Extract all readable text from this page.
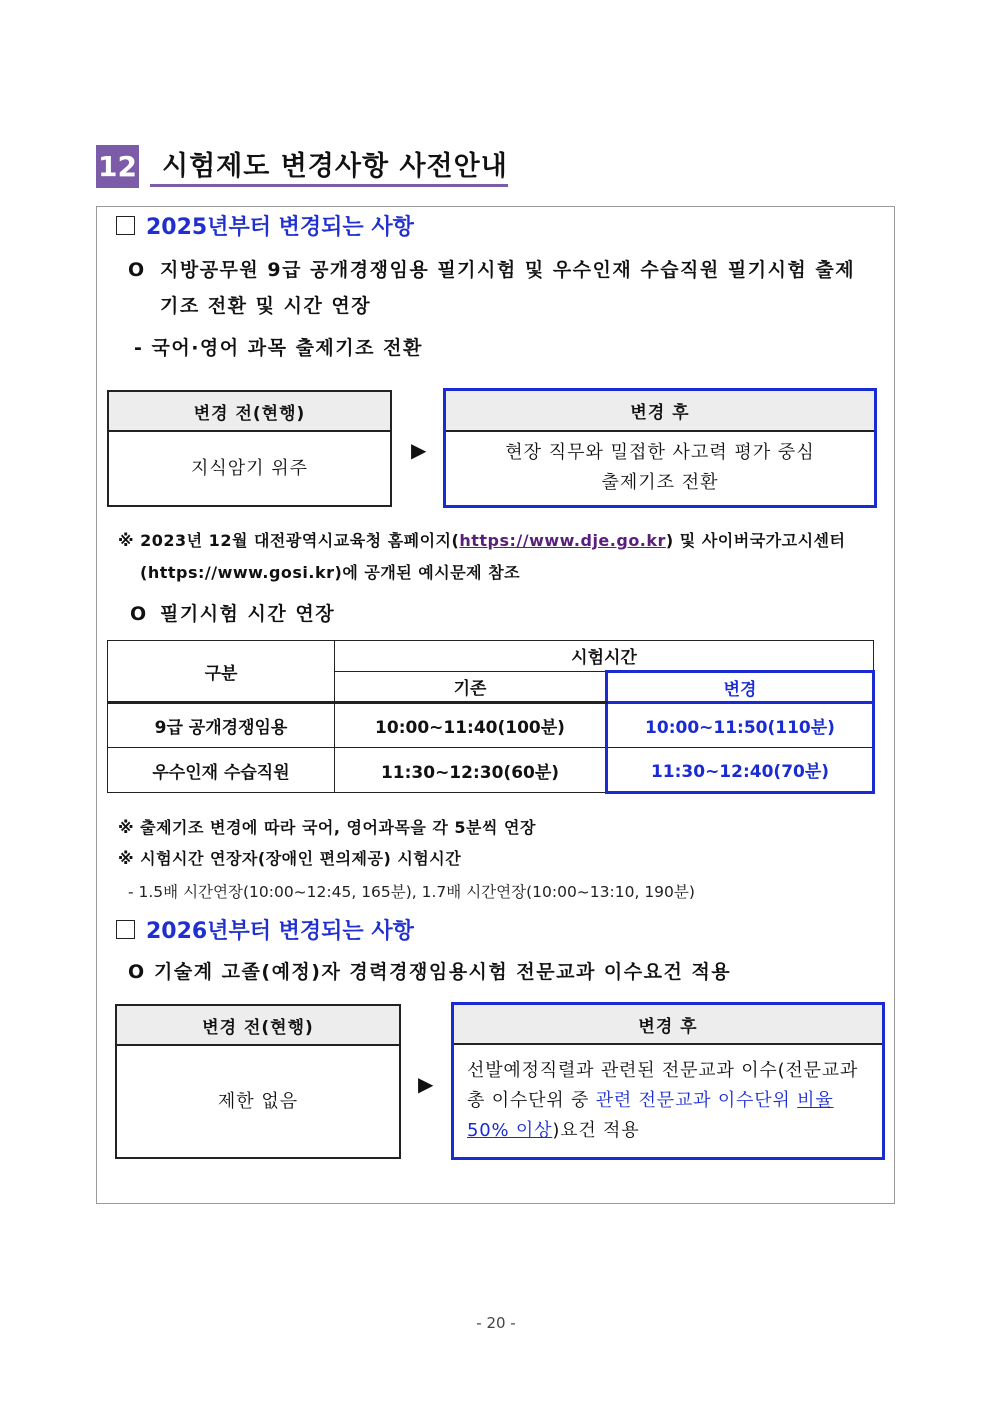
12 시험제도 변경사항 사전안내
2025년부터 변경되는 사항
O 지방공무원 9급 공개경쟁임용 필기시험 및 우수인재 수습직원 필기시험 출제
기조 전환 및 시간 연장
- 국어·영어 과목 출제기조 전환
변경 전(현행)
지식암기 위주
▶
변경 후
현장 직무와 밀접한 사고력 평가 중심
출제기조 전환
※ 2023년 12월 대전광역시교육청 홈페이지(https://www.dje.go.kr) 및 사이버국가고시센터
(https://www.gosi.kr)에 공개된 예시문제 참조
O 필기시험 시간 연장
구분	시험시간	
	기존	변경
9급 공개경쟁임용	10:00~11:40(100분)	10:00~11:50(110분)
우수인재 수습직원	11:30~12:30(60분)	11:30~12:40(70분)
※ 출제기조 변경에 따라 국어, 영어과목을 각 5분씩 연장
※ 시험시간 연장자(장애인 편의제공) 시험시간
- 1.5배 시간연장(10:00~12:45, 165분), 1.7배 시간연장(10:00~13:10, 190분)
2026년부터 변경되는 사항
O 기술계 고졸(예정)자 경력경쟁임용시험 전문교과 이수요건 적용
변경 전(현행)
제한 없음
▶
변경 후
선발예정직렬과 관련된 전문교과 이수(전문교과
총 이수단위 중 관련 전문교과 이수단위 비율
50% 이상)요건 적용
- 20 -
